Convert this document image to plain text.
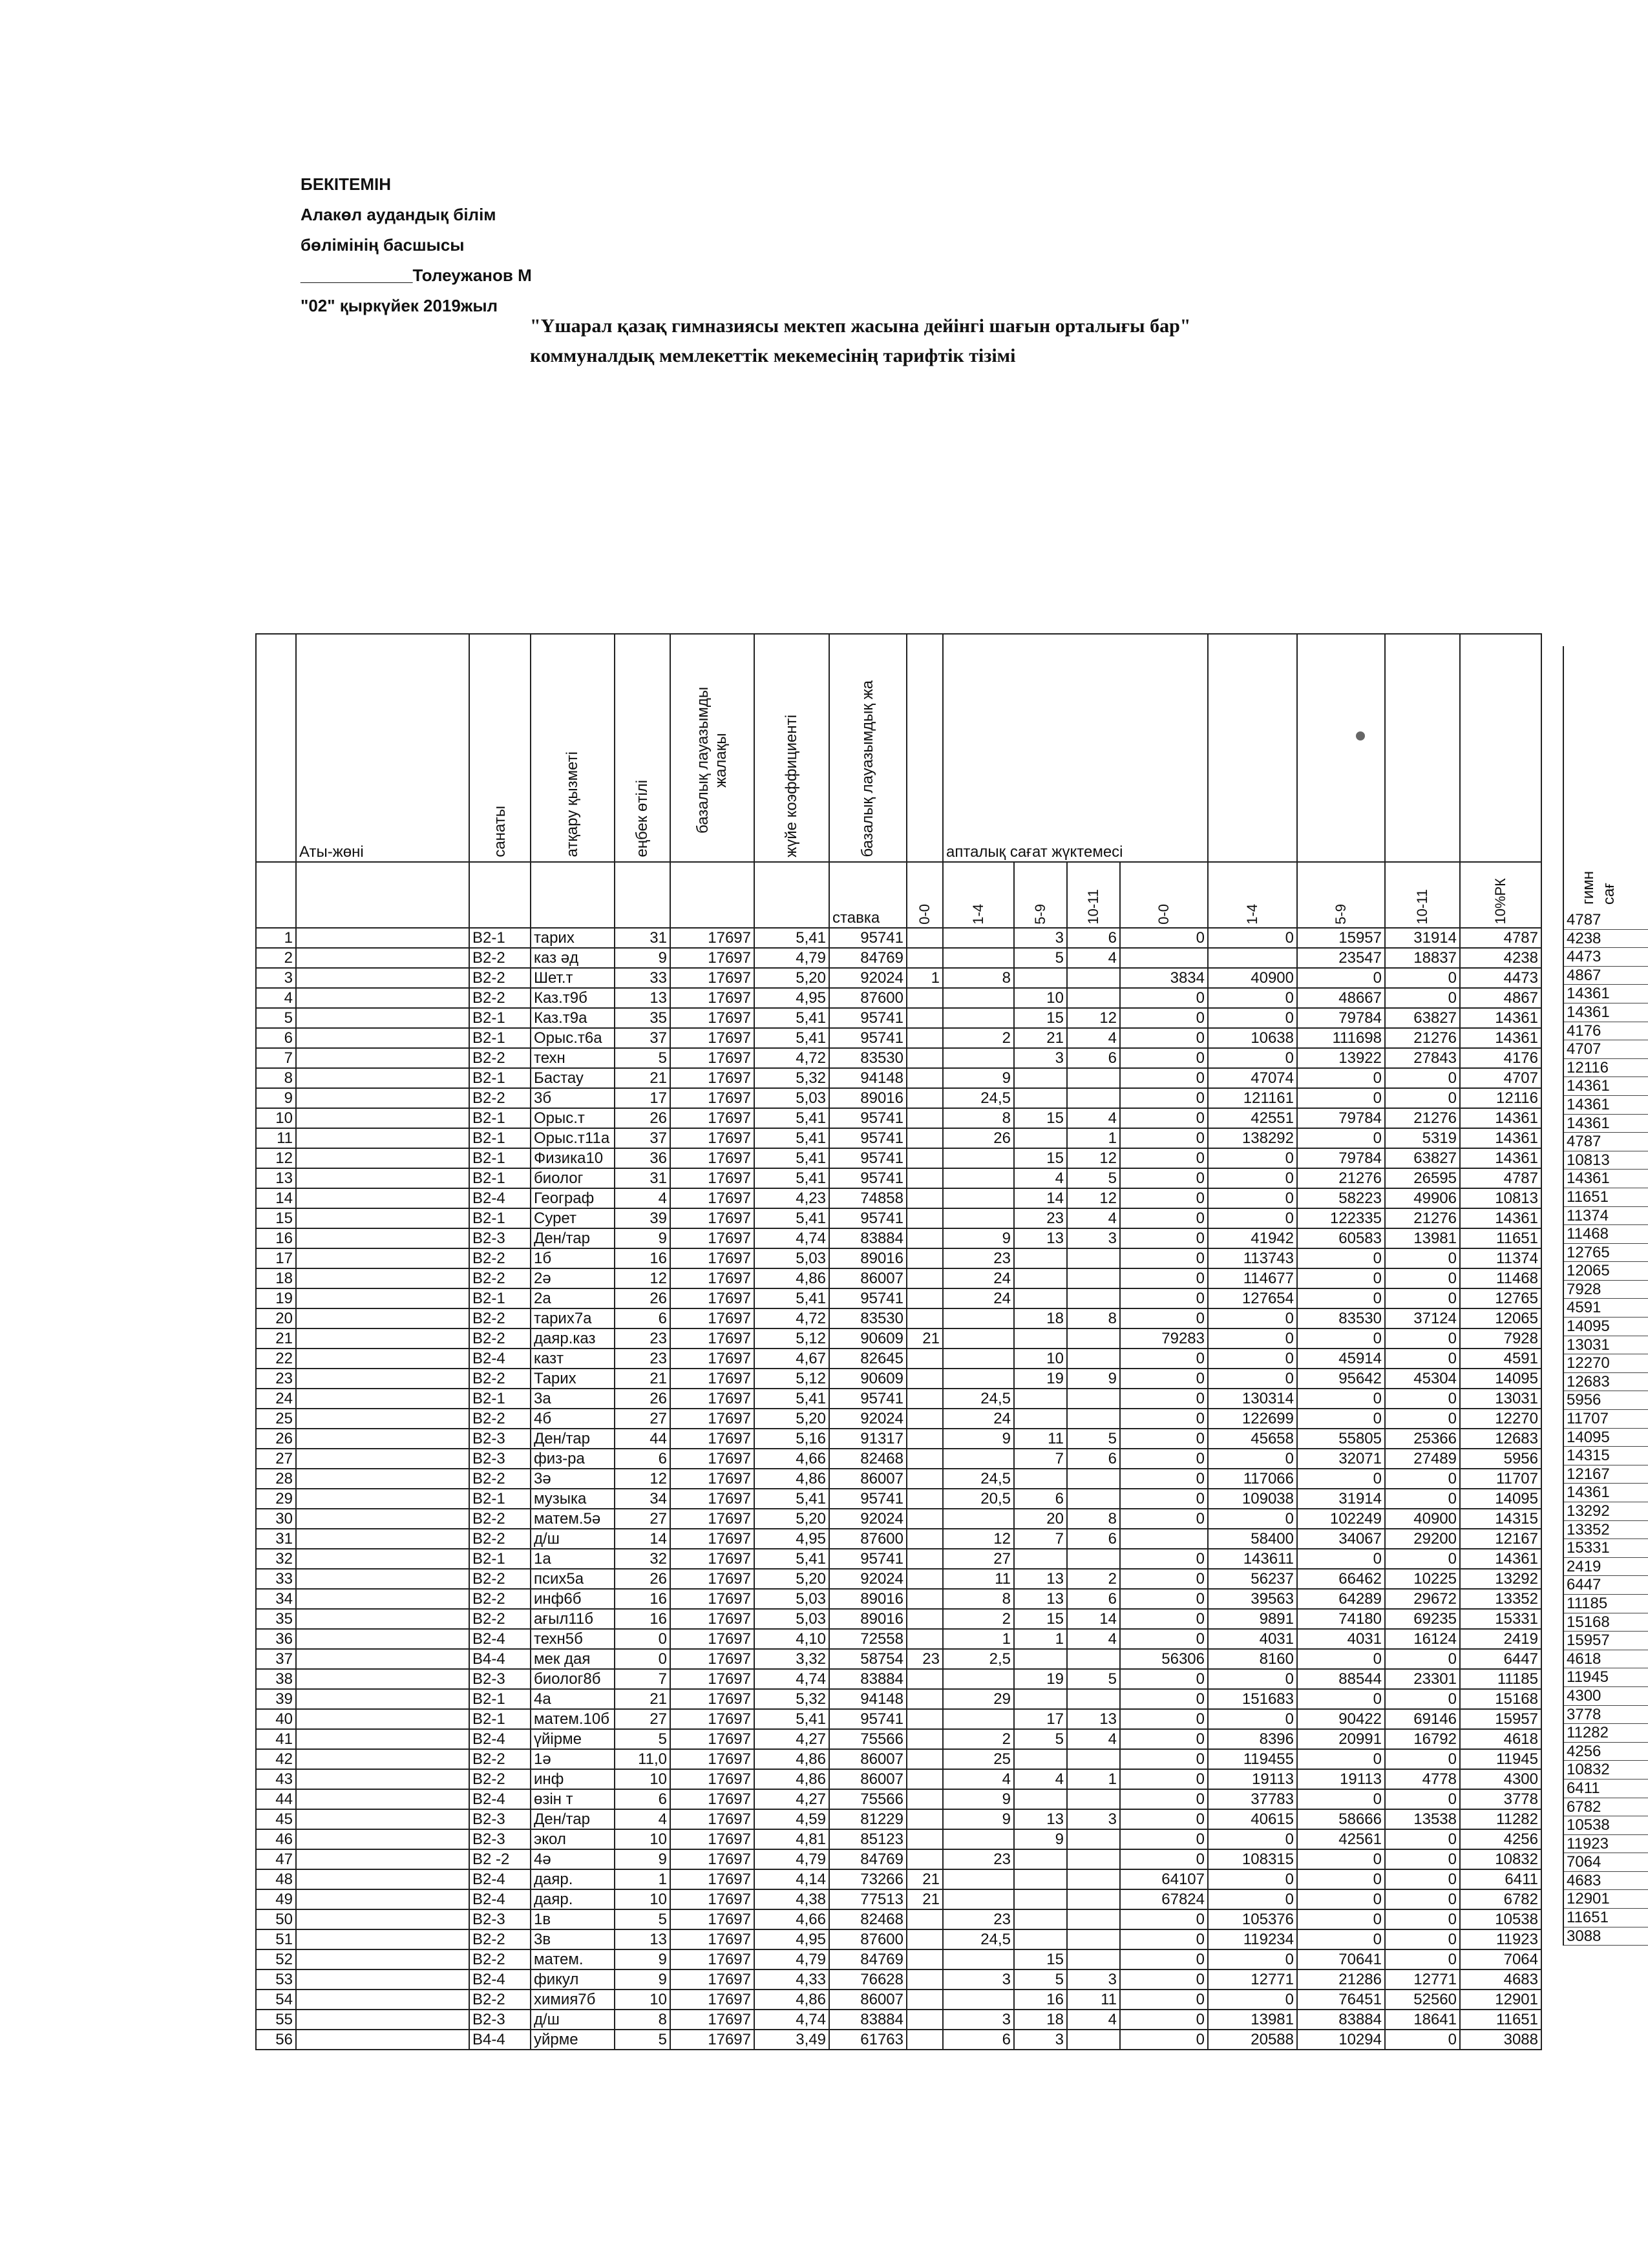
БЕКІТЕМІН
Алакөл аудандық білім
бөлімінің басшысы
____________Толеужанов М
"02" қыркүйек 2019жыл
"Үшарал қазақ гимназиясы мектеп жасына дейінгі шағын орталығы бар"
коммуналдық мемлекеттік мекемесінің тарифтік тізімі
	Аты-жөні	санаты	атқару қызметі	еңбек өтілі	базалық лауазымды жалақы	жүйе коэффициенті	базалық лауазымдық жа		апталық сағат жүктемесі							
							ставка	0-0	1-4	5-9	10-11	0-0	1-4	5-9	10-11	10%РК

1		В2-1	тарих	31	17697	5,41	95741			3	6	0	0	15957	31914	4787
2		В2-2	каз әд	9	17697	4,79	84769			5	4			23547	18837	4238
3		В2-2	Шет.т	33	17697	5,20	92024	1	8			3834	40900	0	0	4473
4		В2-2	Каз.т9б	13	17697	4,95	87600			10		0	0	48667	0	4867
5		В2-1	Каз.т9а	35	17697	5,41	95741			15	12	0	0	79784	63827	14361
6		В2-1	Орыс.т6а	37	17697	5,41	95741		2	21	4	0	10638	111698	21276	14361
7		В2-2	техн	5	17697	4,72	83530			3	6	0	0	13922	27843	4176
8		В2-1	Бастау	21	17697	5,32	94148		9			0	47074	0	0	4707
9		В2-2	3б	17	17697	5,03	89016		24,5			0	121161	0	0	12116
10		В2-1	Орыс.т	26	17697	5,41	95741		8	15	4	0	42551	79784	21276	14361
11		В2-1	Орыс.т11а	37	17697	5,41	95741		26		1	0	138292	0	5319	14361
12		В2-1	Физика10	36	17697	5,41	95741			15	12	0	0	79784	63827	14361
13		В2-1	биолог	31	17697	5,41	95741			4	5	0	0	21276	26595	4787
14		В2-4	Географ	4	17697	4,23	74858			14	12	0	0	58223	49906	10813
15		В2-1	Сурет	39	17697	5,41	95741			23	4	0	0	122335	21276	14361
16		В2-3	Ден/тар	9	17697	4,74	83884		9	13	3	0	41942	60583	13981	11651
17		В2-2	1б	16	17697	5,03	89016		23			0	113743	0	0	11374
18		В2-2	2ә	12	17697	4,86	86007		24			0	114677	0	0	11468
19		В2-1	2а	26	17697	5,41	95741		24			0	127654	0	0	12765
20		В2-2	тарих7а	6	17697	4,72	83530			18	8	0	0	83530	37124	12065
21		В2-2	даяр.каз	23	17697	5,12	90609	21				79283	0	0	0	7928
22		В2-4	казт	23	17697	4,67	82645			10		0	0	45914	0	4591
23		В2-2	Тарих	21	17697	5,12	90609			19	9	0	0	95642	45304	14095
24		В2-1	3а	26	17697	5,41	95741		24,5			0	130314	0	0	13031
25		В2-2	4б	27	17697	5,20	92024		24			0	122699	0	0	12270
26		В2-3	Ден/тар	44	17697	5,16	91317		9	11	5	0	45658	55805	25366	12683
27		В2-3	физ-ра	6	17697	4,66	82468			7	6	0	0	32071	27489	5956
28		В2-2	3ә	12	17697	4,86	86007		24,5			0	117066	0	0	11707
29		В2-1	музыка	34	17697	5,41	95741		20,5	6		0	109038	31914	0	14095
30		В2-2	матем.5ә	27	17697	5,20	92024			20	8	0	0	102249	40900	14315
31		В2-2	д/ш	14	17697	4,95	87600		12	7	6		58400	34067	29200	12167
32		В2-1	1а	32	17697	5,41	95741		27			0	143611	0	0	14361
33		В2-2	псих5а	26	17697	5,20	92024		11	13	2	0	56237	66462	10225	13292
34		В2-2	инф6б	16	17697	5,03	89016		8	13	6	0	39563	64289	29672	13352
35		В2-2	ағыл11б	16	17697	5,03	89016		2	15	14	0	9891	74180	69235	15331
36		В2-4	техн5б	0	17697	4,10	72558		1	1	4	0	4031	4031	16124	2419
37		В4-4	мек дая	0	17697	3,32	58754	23	2,5			56306	8160	0	0	6447
38		В2-3	биолог8б	7	17697	4,74	83884			19	5	0	0	88544	23301	11185
39		В2-1	4а	21	17697	5,32	94148		29			0	151683	0	0	15168
40		В2-1	матем.10б	27	17697	5,41	95741			17	13	0	0	90422	69146	15957
41		В2-4	үйірме	5	17697	4,27	75566		2	5	4	0	8396	20991	16792	4618
42		В2-2	1ә	11,0	17697	4,86	86007		25			0	119455	0	0	11945
43		В2-2	инф	10	17697	4,86	86007		4	4	1	0	19113	19113	4778	4300
44		В2-4	өзін т	6	17697	4,27	75566		9			0	37783	0	0	3778
45		В2-3	Ден/тар	4	17697	4,59	81229		9	13	3	0	40615	58666	13538	11282
46		В2-3	экол	10	17697	4,81	85123			9		0	0	42561	0	4256
47		В2 -2	4ә	9	17697	4,79	84769		23			0	108315	0	0	10832
48		В2-4	даяр.	1	17697	4,14	73266	21				64107	0	0	0	6411
49		В2-4	даяр.	10	17697	4,38	77513	21				67824	0	0	0	6782
50		В2-3	1в	5	17697	4,66	82468		23			0	105376	0	0	10538
51		В2-2	3в	13	17697	4,95	87600		24,5			0	119234	0	0	11923
52		В2-2	матем.	9	17697	4,79	84769			15		0	0	70641	0	7064
53		В2-4	фикул	9	17697	4,33	76628		3	5	3	0	12771	21286	12771	4683
54		В2-2	химия7б	10	17697	4,86	86007			16	11	0	0	76451	52560	12901
55		В2-3	д/ш	8	17697	4,74	83884		3	18	4	0	13981	83884	18641	11651
56		В4-4	уйрме	5	17697	3,49	61763		6	3		0	20588	10294	0	3088
гимн сағ
4787
4238
4473
4867
14361
14361
4176
4707
12116
14361
14361
14361
4787
10813
14361
11651
11374
11468
12765
12065
7928
4591
14095
13031
12270
12683
5956
11707
14095
14315
12167
14361
13292
13352
15331
2419
6447
11185
15168
15957
4618
11945
4300
3778
11282
4256
10832
6411
6782
10538
11923
7064
4683
12901
11651
3088
